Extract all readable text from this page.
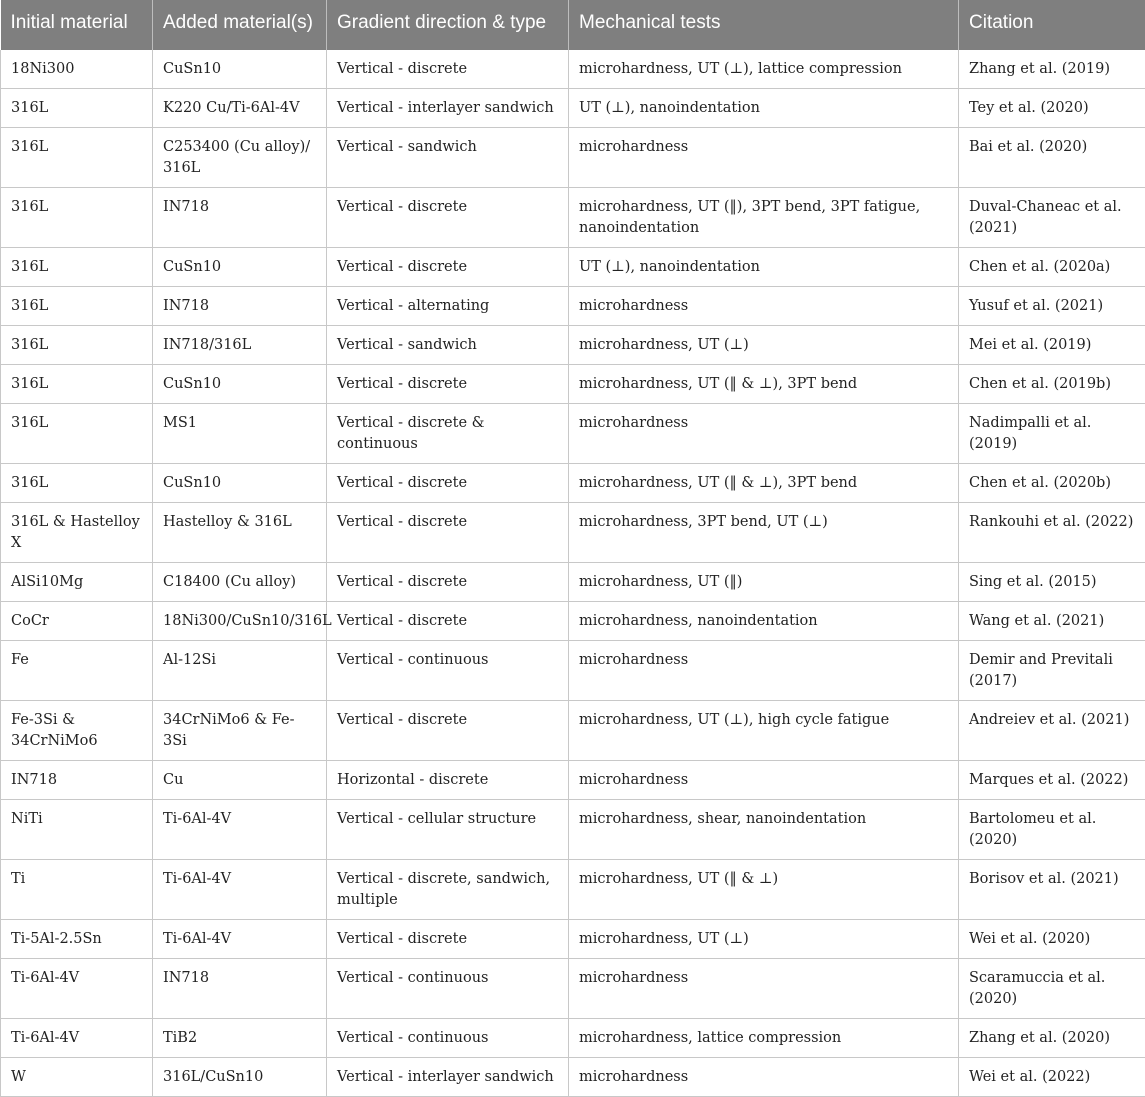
Initial material	Added material(s)	Gradient direction & type	Mechanical tests	Citation
18Ni300	CuSn10	Vertical - discrete	microhardness, UT (⊥), lattice compression	Zhang et al. (2019)
316L	K220 Cu/Ti-6Al-4V	Vertical - interlayer sandwich	UT (⊥), nanoindentation	Tey et al. (2020)
316L	C253400 (Cu alloy)/ 316L	Vertical - sandwich	microhardness	Bai et al. (2020)
316L	IN718	Vertical - discrete	microhardness, UT (‖), 3PT bend, 3PT fatigue, nanoindentation	Duval-Chaneac et al. (2021)
316L	CuSn10	Vertical - discrete	UT (⊥), nanoindentation	Chen et al. (2020a)
316L	IN718	Vertical - alternating	microhardness	Yusuf et al. (2021)
316L	IN718/316L	Vertical - sandwich	microhardness, UT (⊥)	Mei et al. (2019)
316L	CuSn10	Vertical - discrete	microhardness, UT (‖ & ⊥), 3PT bend	Chen et al. (2019b)
316L	MS1	Vertical - discrete & continuous	microhardness	Nadimpalli et al. (2019)
316L	CuSn10	Vertical - discrete	microhardness, UT (‖ & ⊥), 3PT bend	Chen et al. (2020b)
316L & Hastelloy X	Hastelloy & 316L	Vertical - discrete	microhardness, 3PT bend, UT (⊥)	Rankouhi et al. (2022)
AlSi10Mg	C18400 (Cu alloy)	Vertical - discrete	microhardness, UT (‖)	Sing et al. (2015)
CoCr	18Ni300/CuSn10/316L	Vertical - discrete	microhardness, nanoindentation	Wang et al. (2021)
Fe	Al-12Si	Vertical - continuous	microhardness	Demir and Previtali (2017)
Fe-3Si & 34CrNiMo6	34CrNiMo6 & Fe-3Si	Vertical - discrete	microhardness, UT (⊥), high cycle fatigue	Andreiev et al. (2021)
IN718	Cu	Horizontal - discrete	microhardness	Marques et al. (2022)
NiTi	Ti-6Al-4V	Vertical - cellular structure	microhardness, shear, nanoindentation	Bartolomeu et al. (2020)
Ti	Ti-6Al-4V	Vertical - discrete, sandwich, multiple	microhardness, UT (‖ & ⊥)	Borisov et al. (2021)
Ti-5Al-2.5Sn	Ti-6Al-4V	Vertical - discrete	microhardness, UT (⊥)	Wei et al. (2020)
Ti-6Al-4V	IN718	Vertical - continuous	microhardness	Scaramuccia et al. (2020)
Ti-6Al-4V	TiB2	Vertical - continuous	microhardness, lattice compression	Zhang et al. (2020)
W	316L/CuSn10	Vertical - interlayer sandwich	microhardness	Wei et al. (2022)
